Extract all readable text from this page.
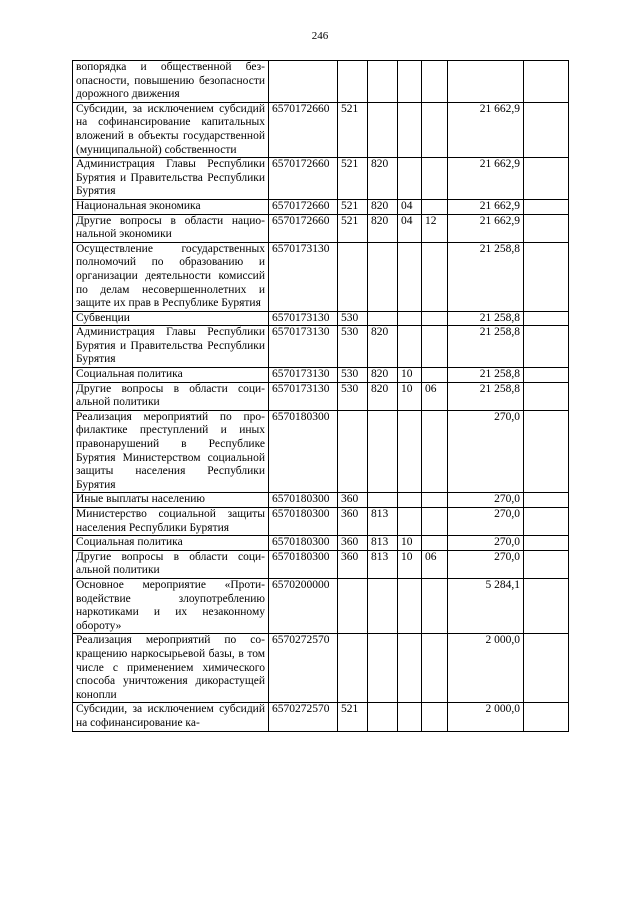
246
вопорядка и общественной безопасности, повышению безопасности дорожного движения							
Субсидии, за исключением субсидий на софинансирование капитальных вложений в объекты государственной (муниципальной) собственности	6570172660	521				21 662,9	
Администрация Главы Республики Бурятия и Правительства Республики Бурятия	6570172660	521	820			21 662,9	
Национальная экономика	6570172660	521	820	04		21 662,9	
Другие вопросы в области национальной экономики	6570172660	521	820	04	12	21 662,9	
Осуществление государственных полномочий по образованию и организации деятельности комиссий по делам несовершеннолетних и защите их прав в Республике Бурятия	6570173130					21 258,8	
Субвенции	6570173130	530				21 258,8	
Администрация Главы Республики Бурятия и Правительства Республики Бурятия	6570173130	530	820			21 258,8	
Социальная политика	6570173130	530	820	10		21 258,8	
Другие вопросы в области социальной политики	6570173130	530	820	10	06	21 258,8	
Реализация мероприятий по профилактике преступлений и иных правонарушений в Республике Бурятия Министерством социальной защиты населения Республики Бурятия	6570180300					270,0	
Иные выплаты населению	6570180300	360				270,0	
Министерство социальной защиты населения Республики Бурятия	6570180300	360	813			270,0	
Социальная политика	6570180300	360	813	10		270,0	
Другие вопросы в области социальной политики	6570180300	360	813	10	06	270,0	
Основное мероприятие «Противодействие злоупотреблению наркотиками и их незаконному обороту»	6570200000					5 284,1	
Реализация мероприятий по сокращению наркосырьевой базы, в том числе с применением химического способа уничтожения дикорастущей конопли	6570272570					2 000,0	
Субсидии, за исключением субсидий на софинансирование ка-	6570272570	521				2 000,0	
